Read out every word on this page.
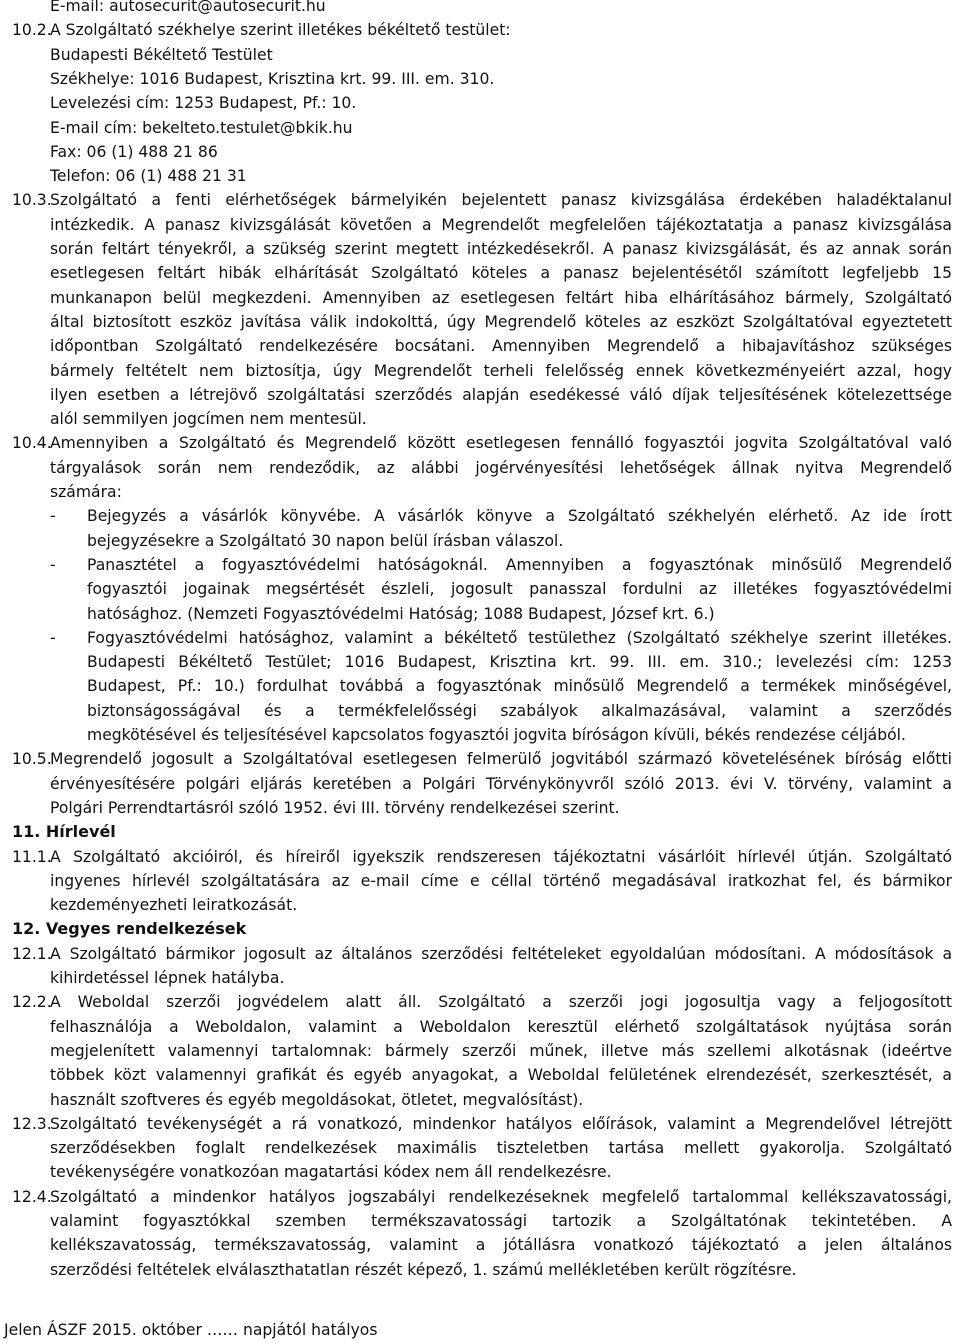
E-mail: autosecurit@autosecurit.hu
10.2.
A Szolgáltató székhelye szerint illetékes békéltető testület:
Budapesti Békéltető Testület
Székhelye: 1016 Budapest, Krisztina krt. 99. III. em. 310.
Levelezési cím: 1253 Budapest, Pf.: 10.
E-mail cím: bekelteto.testulet@bkik.hu
Fax: 06 (1) 488 21 86
Telefon: 06 (1) 488 21 31
10.3.
Szolgáltató a fenti elérhetőségek bármelyikén bejelentett panasz kivizsgálása érdekében haladéktalanul
intézkedik. A panasz kivizsgálását követően a Megrendelőt megfelelően tájékoztatatja a panasz kivizsgálása
során feltárt tényekről, a szükség szerint megtett intézkedésekről. A panasz kivizsgálását, és az annak során
esetlegesen feltárt hibák elhárítását Szolgáltató köteles a panasz bejelentésétől számított legfeljebb 15
munkanapon belül megkezdeni. Amennyiben az esetlegesen feltárt hiba elhárításához bármely, Szolgáltató
által biztosított eszköz javítása válik indokolttá, úgy Megrendelő köteles az eszközt Szolgáltatóval egyeztetett
időpontban Szolgáltató rendelkezésére bocsátani. Amennyiben Megrendelő a hibajavításhoz szükséges
bármely feltételt nem biztosítja, úgy Megrendelőt terheli felelősség ennek következményeiért azzal, hogy
ilyen esetben a létrejövő szolgáltatási szerződés alapján esedékessé váló díjak teljesítésének kötelezettsége
alól semmilyen jogcímen nem mentesül.
10.4.
Amennyiben a Szolgáltató és Megrendelő között esetlegesen fennálló fogyasztói jogvita Szolgáltatóval való
tárgyalások során nem rendeződik, az alábbi jogérvényesítési lehetőségek állnak nyitva Megrendelő
számára:
- Bejegyzés a vásárlók könyvébe. A vásárlók könyve a Szolgáltató székhelyén elérhető. Az ide írott
bejegyzésekre a Szolgáltató 30 napon belül írásban válaszol.
- Panasztétel a fogyasztóvédelmi hatóságoknál. Amennyiben a fogyasztónak minősülő Megrendelő
fogyasztói jogainak megsértését észleli, jogosult panasszal fordulni az illetékes fogyasztóvédelmi
hatósághoz. (Nemzeti Fogyasztóvédelmi Hatóság; 1088 Budapest, József krt. 6.)
- Fogyasztóvédelmi hatósághoz, valamint a békéltető testülethez (Szolgáltató székhelye szerint illetékes.
Budapesti Békéltető Testület; 1016 Budapest, Krisztina krt. 99. III. em. 310.; levelezési cím: 1253
Budapest, Pf.: 10.) fordulhat továbbá a fogyasztónak minősülő Megrendelő a termékek minőségével,
biztonságosságával és a termékfelelősségi szabályok alkalmazásával, valamint a szerződés
megkötésével és teljesítésével kapcsolatos fogyasztói jogvita bíróságon kívüli, békés rendezése céljából.
10.5.
Megrendelő jogosult a Szolgáltatóval esetlegesen felmerülő jogvitából származó követelésének bíróság előtti
érvényesítésére polgári eljárás keretében a Polgári Törvénykönyvről szóló 2013. évi V. törvény, valamint a
Polgári Perrendtartásról szóló 1952. évi III. törvény rendelkezései szerint.
11. Hírlevél
11.1.
A Szolgáltató akcióiról, és híreiről igyekszik rendszeresen tájékoztatni vásárlóit hírlevél útján. Szolgáltató
ingyenes hírlevél szolgáltatására az e-mail címe e céllal történő megadásával iratkozhat fel, és bármikor
kezdeményezheti leiratkozását.
12. Vegyes rendelkezések
12.1.
A Szolgáltató bármikor jogosult az általános szerződési feltételeket egyoldalúan módosítani. A módosítások a
kihirdetéssel lépnek hatályba.
12.2.
A Weboldal szerzői jogvédelem alatt áll. Szolgáltató a szerzői jogi jogosultja vagy a feljogosított
felhasználója a Weboldalon, valamint a Weboldalon keresztül elérhető szolgáltatások nyújtása során
megjelenített valamennyi tartalomnak: bármely szerzői műnek, illetve más szellemi alkotásnak (ideértve
többek közt valamennyi grafikát és egyéb anyagokat, a Weboldal felületének elrendezését, szerkesztését, a
használt szoftveres és egyéb megoldásokat, ötletet, megvalósítást).
12.3.
Szolgáltató tevékenységét a rá vonatkozó, mindenkor hatályos előírások, valamint a Megrendelővel létrejött
szerződésekben foglalt rendelkezések maximális tiszteletben tartása mellett gyakorolja. Szolgáltató
tevékenységére vonatkozóan magatartási kódex nem áll rendelkezésre.
12.4.
Szolgáltató a mindenkor hatályos jogszabályi rendelkezéseknek megfelelő tartalommal kellékszavatossági,
valamint fogyasztókkal szemben termékszavatossági tartozik a Szolgáltatónak tekintetében. A
kellékszavatosság, termékszavatosság, valamint a jótállásra vonatkozó tájékoztató a jelen általános
szerződési feltételek elválaszthatatlan részét képező, 1. számú mellékletében került rögzítésre.
Jelen ÁSZF 2015. október …… napjától hatályos
